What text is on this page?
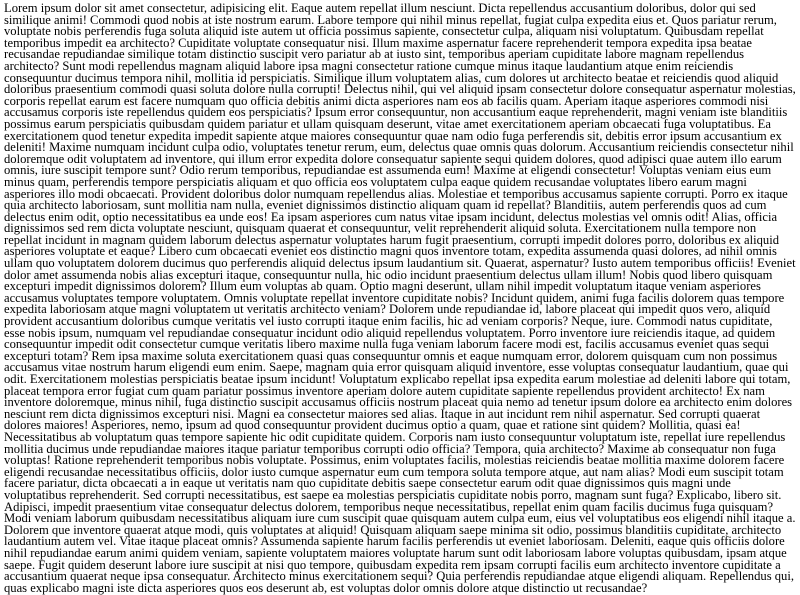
Lorem ipsum dolor sit amet consectetur, adipisicing elit. Eaque autem repellat illum nesciunt. Dicta repellendus accusantium doloribus, dolor qui sed similique animi! Commodi quod nobis at iste nostrum earum. Labore tempore qui nihil minus repellat, fugiat culpa expedita eius et. Quos pariatur rerum, voluptate nobis perferendis fuga soluta aliquid iste autem ut officia possimus sapiente, consectetur culpa, aliquam nisi voluptatum. Quibusdam repellat temporibus impedit ea architecto? Cupiditate voluptate consequatur nisi. Illum maxime aspernatur facere reprehenderit tempora expedita ipsa beatae recusandae repudiandae similique totam distinctio suscipit vero pariatur ab at iusto sint, temporibus aperiam cupiditate labore magnam repellendus architecto? Sunt modi repellendus magnam aliquid labore ipsa magni consectetur ratione cumque minus itaque laudantium atque enim reiciendis consequuntur ducimus tempora nihil, mollitia id perspiciatis. Similique illum voluptatem alias, cum dolores ut architecto beatae et reiciendis quod aliquid doloribus praesentium commodi quasi soluta dolore nulla corrupti! Delectus nihil, qui vel aliquid ipsam consectetur dolore consequatur aspernatur molestias, corporis repellat earum est facere numquam quo officia debitis animi dicta asperiores nam eos ab facilis quam. Aperiam itaque asperiores commodi nisi accusamus corporis iste repellendus quidem eos perspiciatis? Ipsum error consequuntur, non accusantium eaque reprehenderit, magni veniam iste blanditiis possimus earum perspiciatis quibusdam quidem pariatur et ullam quisquam deserunt, vitae amet exercitationem aperiam obcaecati fuga voluptatibus. Ea exercitationem quod tenetur expedita impedit sapiente atque maiores consequuntur quae nam odio fuga perferendis sit, debitis error ipsum accusantium ex deleniti! Maxime numquam incidunt culpa odio, voluptates tenetur rerum, eum, delectus quae omnis quas dolorum. Accusantium reiciendis consectetur nihil doloremque odit voluptatem ad inventore, qui illum error expedita dolore consequatur sapiente sequi quidem dolores, quod adipisci quae autem illo earum omnis, iure suscipit tempore sunt? Odio rerum temporibus, repudiandae est assumenda eum! Maxime at eligendi consectetur! Voluptas veniam eius eum minus quam, perferendis tempore perspiciatis aliquam et quo officia eos voluptatem culpa eaque quidem recusandae voluptates libero earum magni asperiores illo modi obcaecati. Provident doloribus dolor numquam repellendus alias. Molestiae et temporibus accusamus sapiente corrupti. Porro ex itaque quia architecto laboriosam, sunt mollitia nam nulla, eveniet dignissimos distinctio aliquam quam id repellat? Blanditiis, autem perferendis quos ad cum delectus enim odit, optio necessitatibus ea unde eos! Ea ipsam asperiores cum natus vitae ipsam incidunt, delectus molestias vel omnis odit! Alias, officia dignissimos sed rem dicta voluptate nesciunt, quisquam quaerat et consequuntur, velit reprehenderit aliquid soluta. Exercitationem nulla tempore non repellat incidunt in magnam quidem laborum delectus aspernatur voluptates harum fugit praesentium, corrupti impedit dolores porro, doloribus ex aliquid asperiores voluptate et eaque? Libero cum obcaecati eveniet eos distinctio magni quos inventore totam, expedita assumenda quasi dolores, ad nihil omnis ullam quo voluptatem dolorem ducimus quo perferendis aliquid delectus ipsum laudantium sit. Quaerat, aspernatur? Iusto autem temporibus officiis! Eveniet dolor amet assumenda nobis alias excepturi itaque, consequuntur nulla, hic odio incidunt praesentium delectus ullam illum! Nobis quod libero quisquam excepturi impedit dignissimos dolorem? Illum eum voluptas ab quam. Optio magni deserunt, ullam nihil impedit voluptatum itaque veniam asperiores accusamus voluptates tempore voluptatem. Omnis voluptate repellat inventore cupiditate nobis? Incidunt quidem, animi fuga facilis dolorem quas tempore expedita laboriosam atque magni voluptatem ut veritatis architecto veniam? Dolorem unde repudiandae id, labore placeat qui impedit quos vero, aliquid provident accusantium doloribus cumque veritatis vel iusto corrupti itaque enim facilis, hic ad veniam corporis? Neque, iure. Commodi natus cupiditate, esse nobis ipsum, numquam vel repudiandae consequatur incidunt odio aliquid repellendus voluptatem. Porro inventore iure reiciendis itaque, ad quidem consequuntur impedit odit consectetur cumque veritatis libero maxime nulla fuga veniam laborum facere modi est, facilis accusamus eveniet quas sequi excepturi totam? Rem ipsa maxime soluta exercitationem quasi quas consequuntur omnis et eaque numquam error, dolorem quisquam cum non possimus accusamus vitae nostrum harum eligendi eum enim. Saepe, magnam quia error quisquam aliquid inventore, esse voluptas consequatur laudantium, quae qui odit. Exercitationem molestias perspiciatis beatae ipsum incidunt! Voluptatum explicabo repellat ipsa expedita earum molestiae ad deleniti labore qui totam, placeat tempora error fugiat cum quam pariatur possimus inventore aperiam dolore autem cupiditate sapiente repellendus provident architecto! Ex nam inventore doloremque, minus nihil, fuga distinctio suscipit accusamus officiis nostrum placeat quia nemo ad tenetur ipsum dolore ea architecto enim dolores nesciunt rem dicta dignissimos excepturi nisi. Magni ea consectetur maiores sed alias. Itaque in aut incidunt rem nihil aspernatur. Sed corrupti quaerat dolores maiores! Asperiores, nemo, ipsum ad quod consequuntur provident ducimus optio a quam, quae et ratione sint quidem? Mollitia, quasi ea! Necessitatibus ab voluptatum quas tempore sapiente hic odit cupiditate quidem. Corporis nam iusto consequuntur voluptatum iste, repellat iure repellendus mollitia ducimus unde repudiandae maiores itaque pariatur temporibus corrupti odio officia? Tempora, quia architecto? Maxime ab consequatur non fuga voluptas! Ratione reprehenderit temporibus nobis voluptate. Possimus, enim voluptates facilis, molestias reiciendis beatae mollitia maxime dolorem facere eligendi recusandae necessitatibus officiis, dolor iusto cumque aspernatur eum cum tempora soluta tempore atque, aut nam alias? Modi eum suscipit totam facere pariatur, dicta obcaecati a in eaque ut veritatis nam quo cupiditate debitis saepe consectetur earum odit quae dignissimos quis magni unde voluptatibus reprehenderit. Sed corrupti necessitatibus, est saepe ea molestias perspiciatis cupiditate nobis porro, magnam sunt fuga? Explicabo, libero sit. Adipisci, impedit praesentium vitae consequatur delectus dolorem, temporibus neque necessitatibus, repellat enim quam facilis ducimus fuga quisquam? Modi veniam laborum quibusdam necessitatibus aliquam iure cum suscipit quae quisquam autem culpa eum, eius vel voluptatibus eos eligendi nihil itaque a. Dolorem que inventore quaerat atque modi, quis voluptates at aliquid! Quisquam aliquam saepe minima sit odio, possimus blanditiis cupiditate, architecto laudantium autem vel. Vitae itaque placeat omnis? Assumenda sapiente harum facilis perferendis ut eveniet laboriosam. Deleniti, eaque quis officiis dolore nihil repudiandae earum animi quidem veniam, sapiente voluptatem maiores voluptate harum sunt odit laboriosam labore voluptas quibusdam, ipsam atque saepe. Fugit quidem deserunt labore iure suscipit at nisi quo tempore, quibusdam expedita rem ipsam corrupti facilis eum architecto inventore cupiditate a accusantium quaerat neque ipsa consequatur. Architecto minus exercitationem sequi? Quia perferendis repudiandae atque eligendi aliquam. Repellendus qui, quas explicabo magni iste dicta asperiores quos eos deserunt ab, est voluptas dolor omnis dolore atque distinctio ut recusandae?
